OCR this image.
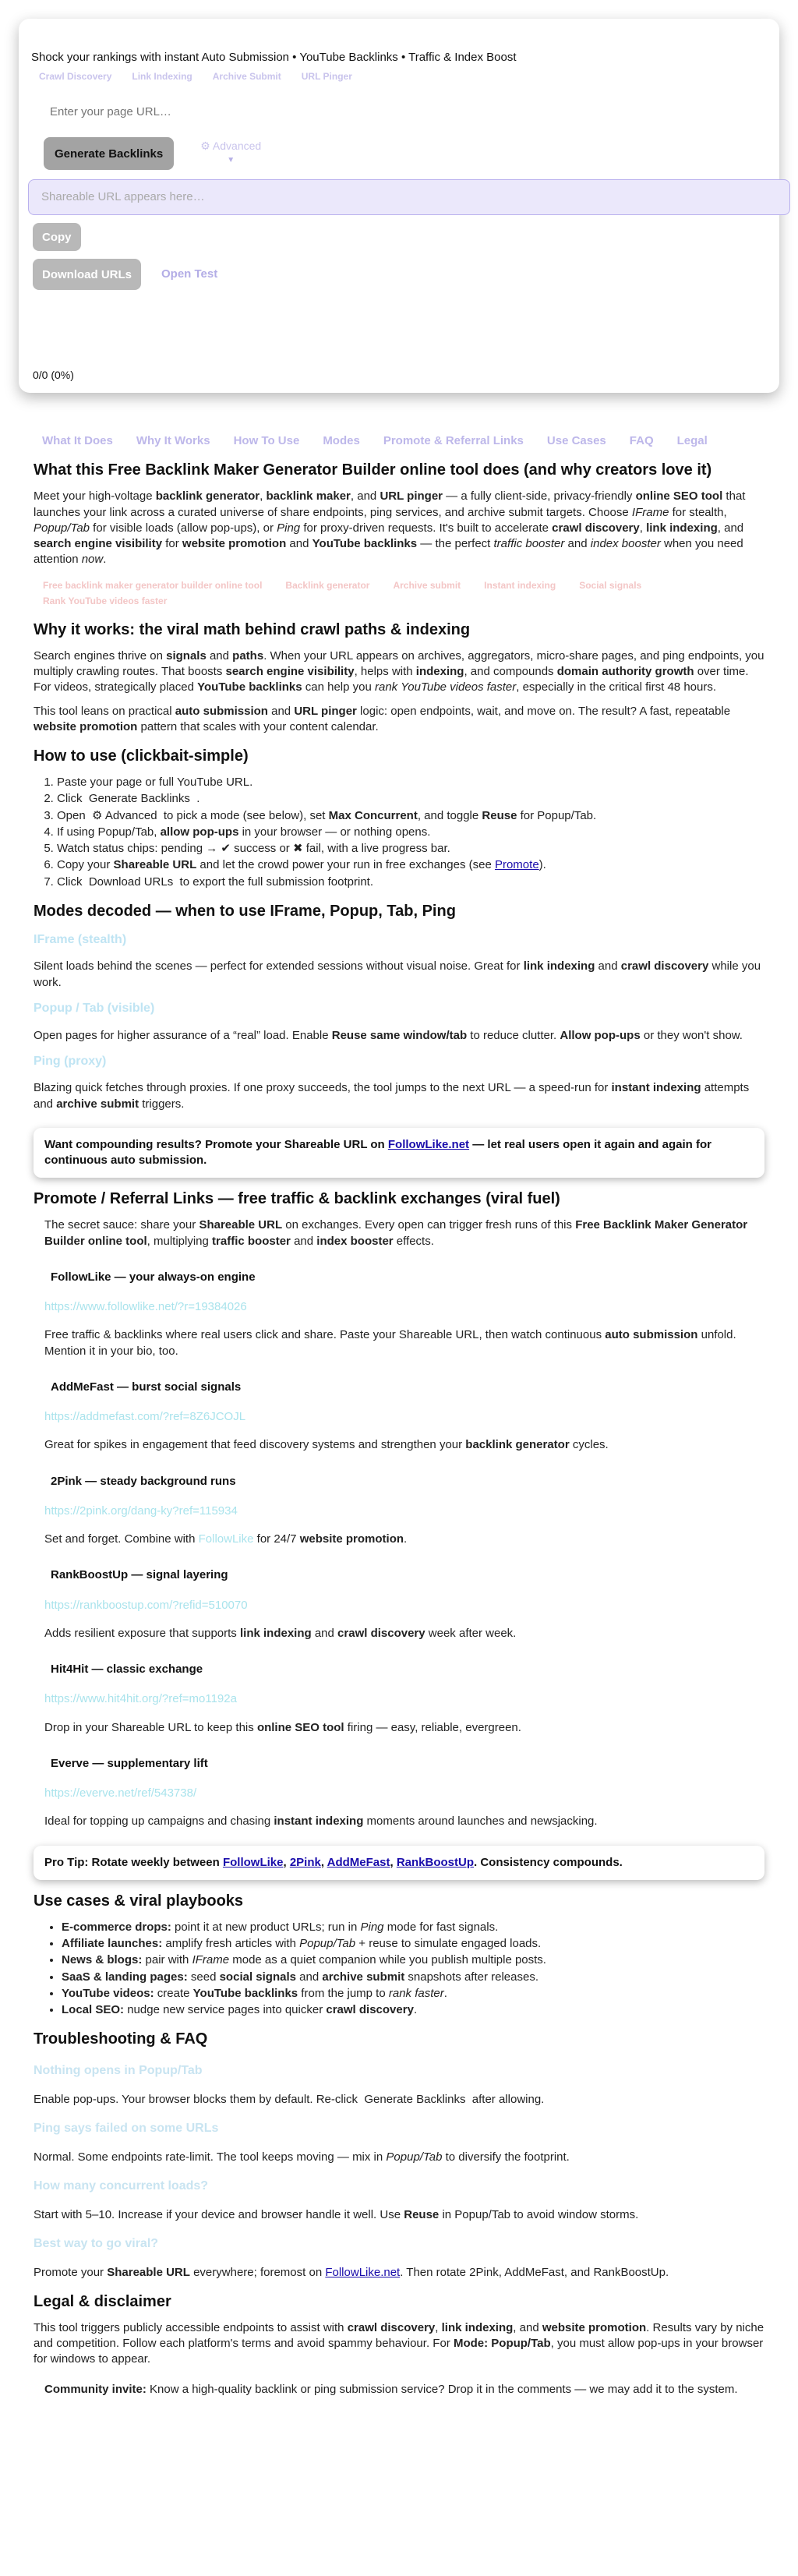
Shock your rankings with instant Auto Submission • YouTube Backlinks • Traffic & Index Boost
Crawl Discovery Link Indexing Archive Submit URL Pinger
Enter your page URL…
Generate Backlinks
⚙ Advanced
▼
Shareable URL appears here…
Copy
Download URLs	Open Test
0/0 (0%)
What It Does Why It Works How To Use Modes Promote & Referral Links Use Cases FAQ Legal
What this Free Backlink Maker Generator Builder online tool does (and why creators love it)

Meet your high-voltage backlink generator, backlink maker, and URL pinger — a fully client-side, privacy-friendly online SEO tool that launches your link across a curated universe of share endpoints, ping services, and archive submit targets. Choose IFrame for stealth, Popup/Tab for visible loads (allow pop-ups), or Ping for proxy-driven requests. It's built to accelerate crawl discovery, link indexing, and search engine visibility for website promotion and YouTube backlinks — the perfect traffic booster and index booster when you need attention now.

Free backlink maker generator builder online tool	Backlink generator	Archive submit	Instant indexing	Social signals
Rank YouTube videos faster
Why it works: the viral math behind crawl paths & indexing

Search engines thrive on signals and paths. When your URL appears on archives, aggregators, micro-share pages, and ping endpoints, you multiply crawling routes. That boosts search engine visibility, helps with indexing, and compounds domain authority growth over time. For videos, strategically placed YouTube backlinks can help you rank YouTube videos faster, especially in the critical first 48 hours.

This tool leans on practical auto submission and URL pinger logic: open endpoints, wait, and move on. The result? A fast, repeatable website promotion pattern that scales with your content calendar.

How to use (clickbait-simple)
1. Paste your page or full YouTube URL.
2. Click  Generate Backlinks  .
3. Open  ⚙ Advanced  to pick a mode (see below), set Max Concurrent, and toggle Reuse for Popup/Tab.
4. If using Popup/Tab, allow pop-ups in your browser — or nothing opens.
5. Watch status chips: pending → ✔ success or ✖ fail, with a live progress bar.
6. Copy your Shareable URL and let the crowd power your run in free exchanges (see Promote).
7. Click  Download URLs  to export the full submission footprint.
Modes decoded — when to use IFrame, Popup, Tab, Ping
IFrame (stealth)

Silent loads behind the scenes — perfect for extended sessions without visual noise. Great for link indexing and crawl discovery while you work.

Popup / Tab (visible)

Open pages for higher assurance of a “real” load. Enable Reuse same window/tab to reduce clutter. Allow pop-ups or they won't show.

Ping (proxy)

Blazing quick fetches through proxies. If one proxy succeeds, the tool jumps to the next URL — a speed-run for instant indexing attempts and archive submit triggers.

Want compounding results? Promote your Shareable URL on FollowLike.net — let real users open it again and again for continuous auto submission.
Promote / Referral Links — free traffic & backlink exchanges (viral fuel)

The secret sauce: share your Shareable URL on exchanges. Every open can trigger fresh runs of this Free Backlink Maker Generator Builder online tool, multiplying traffic booster and index booster effects.

FollowLike — your always-on engine
https://www.followlike.net/?r=19384026

Free traffic & backlinks where real users click and share. Paste your Shareable URL, then watch continuous auto submission unfold. Mention it in your bio, too.

AddMeFast — burst social signals
https://addmefast.com/?ref=8Z6JCOJL

Great for spikes in engagement that feed discovery systems and strengthen your backlink generator cycles.

2Pink — steady background runs
https://2pink.org/dang-ky?ref=115934

Set and forget. Combine with FollowLike for 24/7 website promotion.

RankBoostUp — signal layering
https://rankboostup.com/?refid=510070

Adds resilient exposure that supports link indexing and crawl discovery week after week.

Hit4Hit — classic exchange
https://www.hit4hit.org/?ref=mo1192a

Drop in your Shareable URL to keep this online SEO tool firing — easy, reliable, evergreen.

Everve — supplementary lift
https://everve.net/ref/543738/

Ideal for topping up campaigns and chasing instant indexing moments around launches and newsjacking.

Pro Tip: Rotate weekly between FollowLike, 2Pink, AddMeFast, RankBoostUp. Consistency compounds.
Use cases & viral playbooks
• E-commerce drops: point it at new product URLs; run in Ping mode for fast signals.
• Affiliate launches: amplify fresh articles with Popup/Tab + reuse to simulate engaged loads.
• News & blogs: pair with IFrame mode as a quiet companion while you publish multiple posts.
• SaaS & landing pages: seed social signals and archive submit snapshots after releases.
• YouTube videos: create YouTube backlinks from the jump to rank faster.
• Local SEO: nudge new service pages into quicker crawl discovery.
Troubleshooting & FAQ
Nothing opens in Popup/Tab

Enable pop-ups. Your browser blocks them by default. Re-click  Generate Backlinks  after allowing.

Ping says failed on some URLs

Normal. Some endpoints rate-limit. The tool keeps moving — mix in Popup/Tab to diversify the footprint.

How many concurrent loads?

Start with 5–10. Increase if your device and browser handle it well. Use Reuse in Popup/Tab to avoid window storms.

Best way to go viral?

Promote your Shareable URL everywhere; foremost on FollowLike.net. Then rotate 2Pink, AddMeFast, and RankBoostUp.

Legal & disclaimer

This tool triggers publicly accessible endpoints to assist with crawl discovery, link indexing, and website promotion. Results vary by niche and competition. Follow each platform's terms and avoid spammy behaviour. For Mode: Popup/Tab, you must allow pop-ups in your browser for windows to appear.

Community invite: Know a high-quality backlink or ping submission service? Drop it in the comments — we may add it to the system.
